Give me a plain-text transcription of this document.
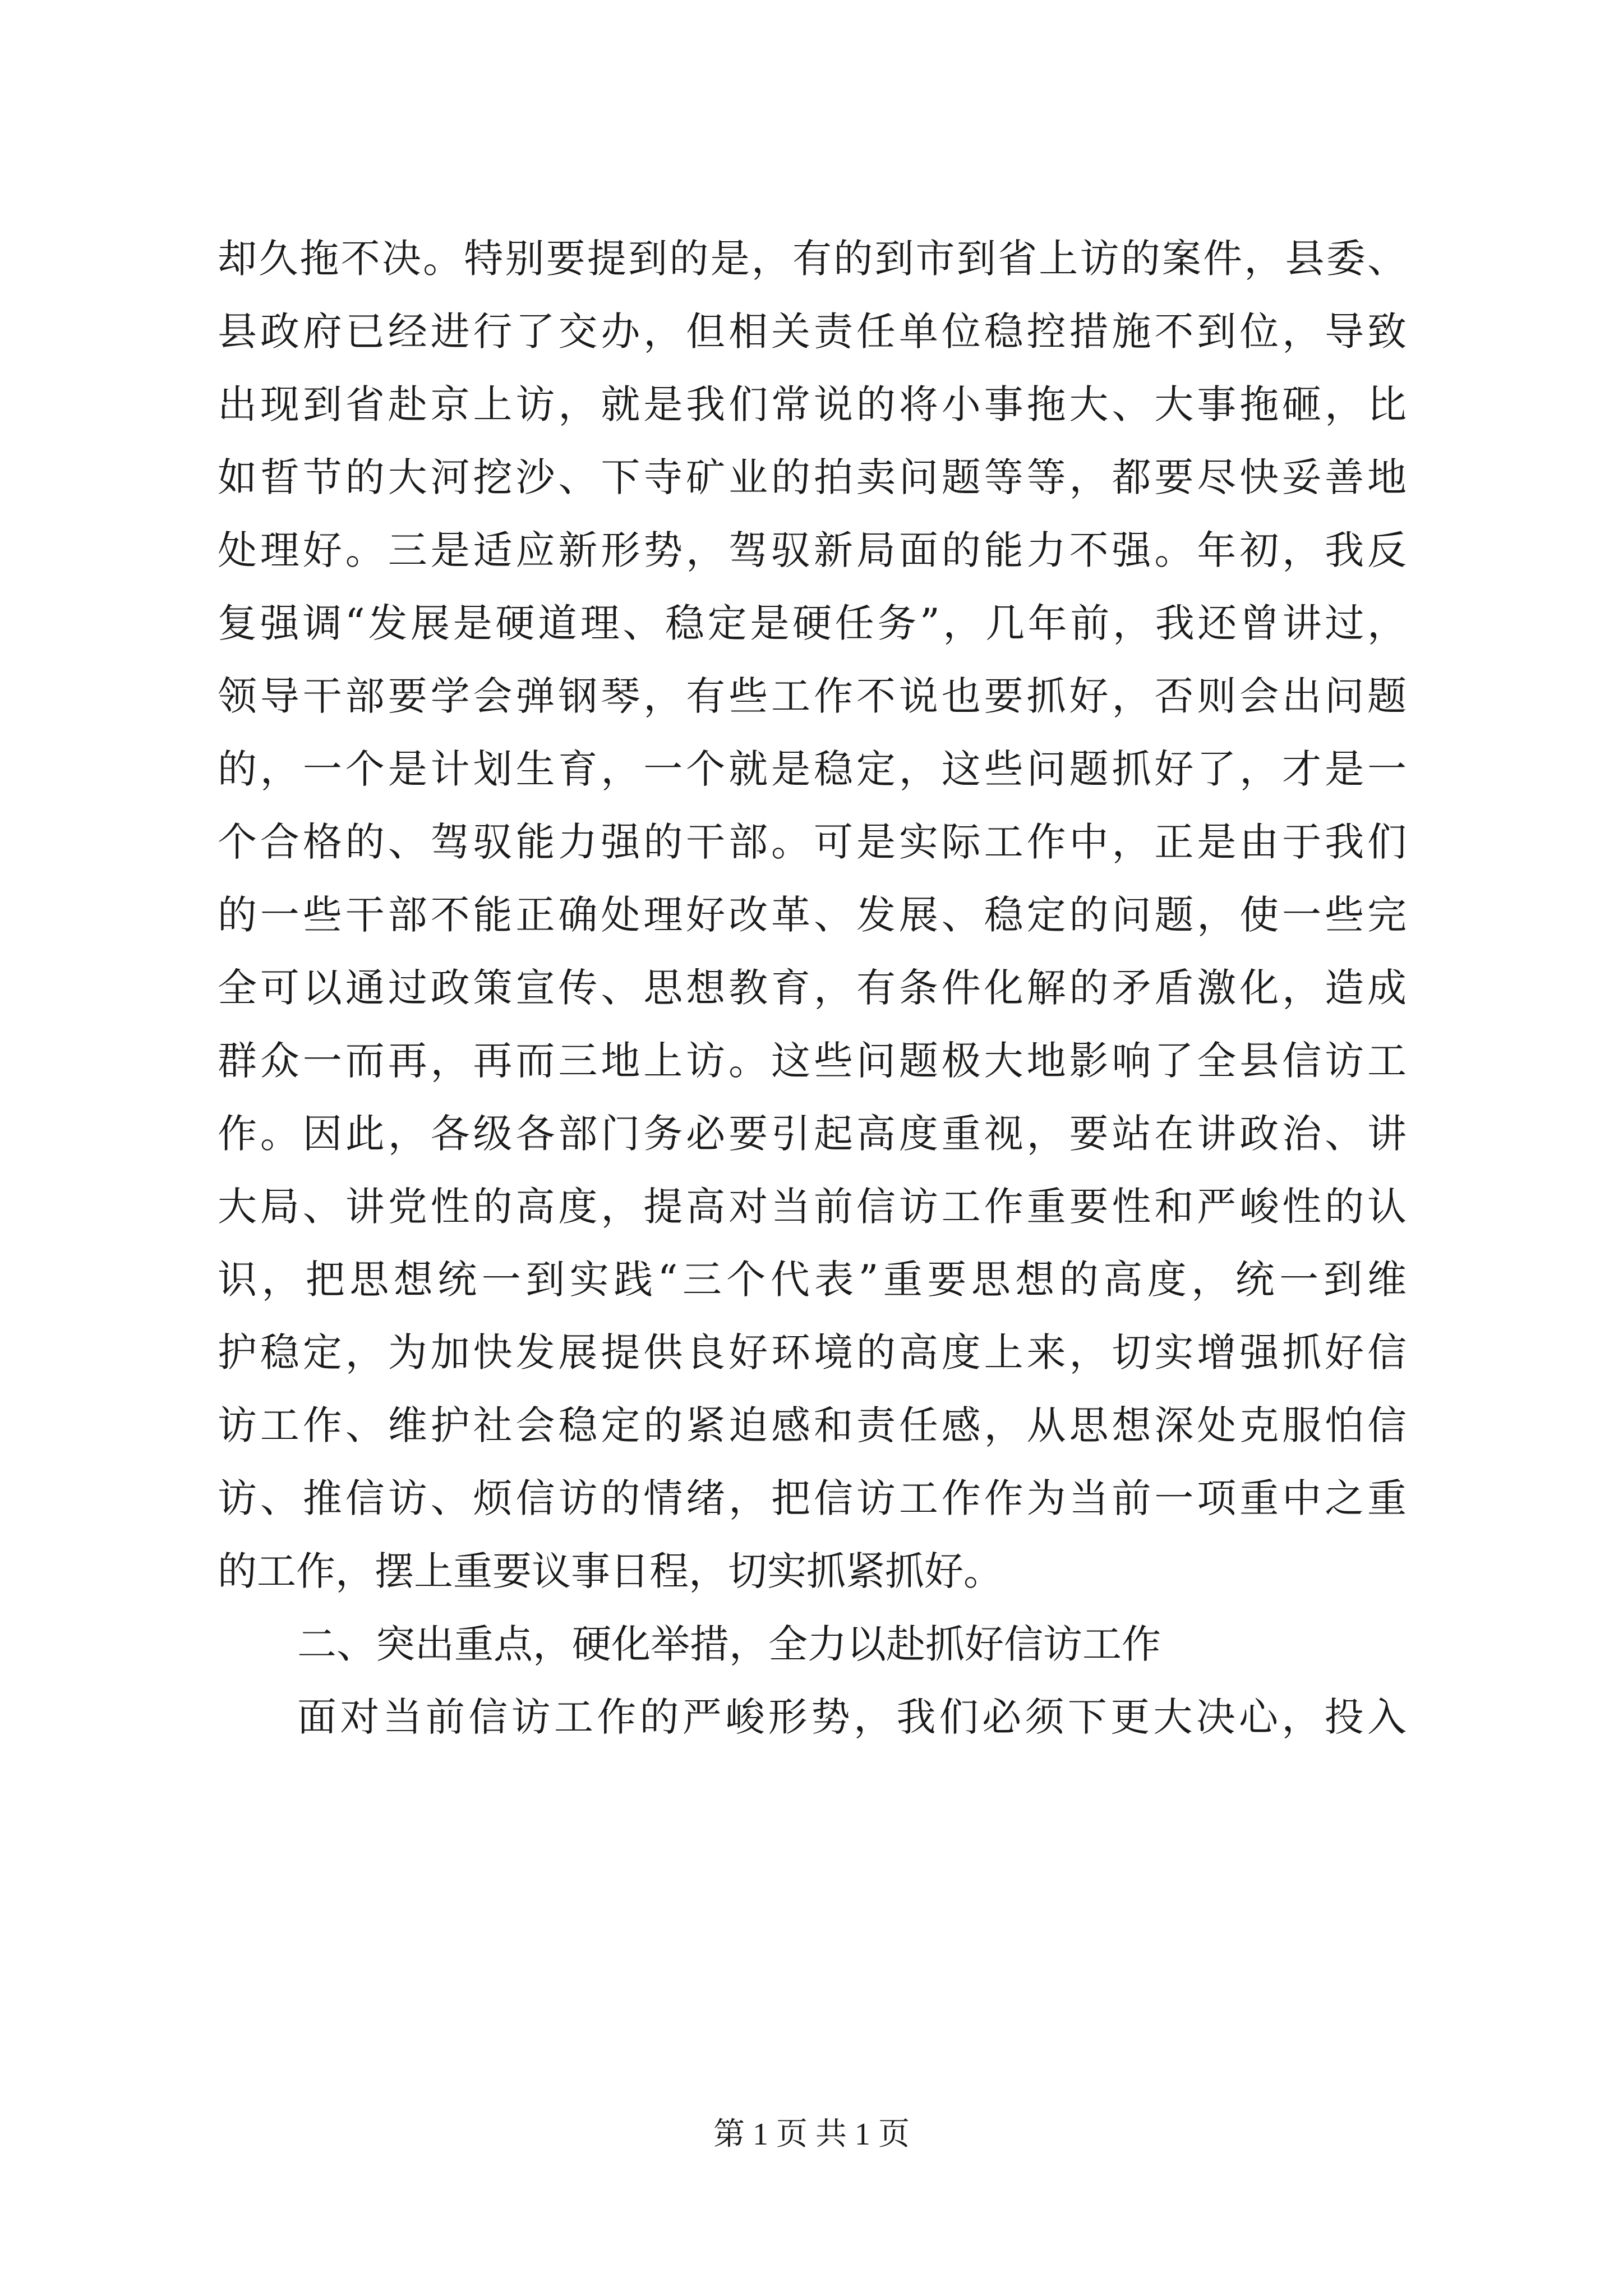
却久拖不决。特别要提到的是，有的到市到省上访的案件，县委、
县政府已经进行了交办，但相关责任单位稳控措施不到位，导致
出现到省赴京上访，就是我们常说的将小事拖大、大事拖砸，比
如晢节的大河挖沙、下寺矿业的拍卖问题等等，都要尽快妥善地
处理好。三是适应新形势，驾驭新局面的能力不强。年初，我反
复强调“发展是硬道理、稳定是硬任务”，几年前，我还曾讲过，
领导干部要学会弹钢琴，有些工作不说也要抓好，否则会出问题
的，一个是计划生育，一个就是稳定，这些问题抓好了，才是一
个合格的、驾驭能力强的干部。可是实际工作中，正是由于我们
的一些干部不能正确处理好改革、发展、稳定的问题，使一些完
全可以通过政策宣传、思想教育，有条件化解的矛盾激化，造成
群众一而再，再而三地上访。这些问题极大地影响了全县信访工
作。因此，各级各部门务必要引起高度重视，要站在讲政治、讲
大局、讲党性的高度，提高对当前信访工作重要性和严峻性的认
识，把思想统一到实践“三个代表”重要思想的高度，统一到维
护稳定，为加快发展提供良好环境的高度上来，切实增强抓好信
访工作、维护社会稳定的紧迫感和责任感，从思想深处克服怕信
访、推信访、烦信访的情绪，把信访工作作为当前一项重中之重
的工作，摆上重要议事日程，切实抓紧抓好。
二、突出重点，硬化举措，全力以赴抓好信访工作
面对当前信访工作的严峻形势，我们必须下更大决心，投入
第 1 页 共 1 页
